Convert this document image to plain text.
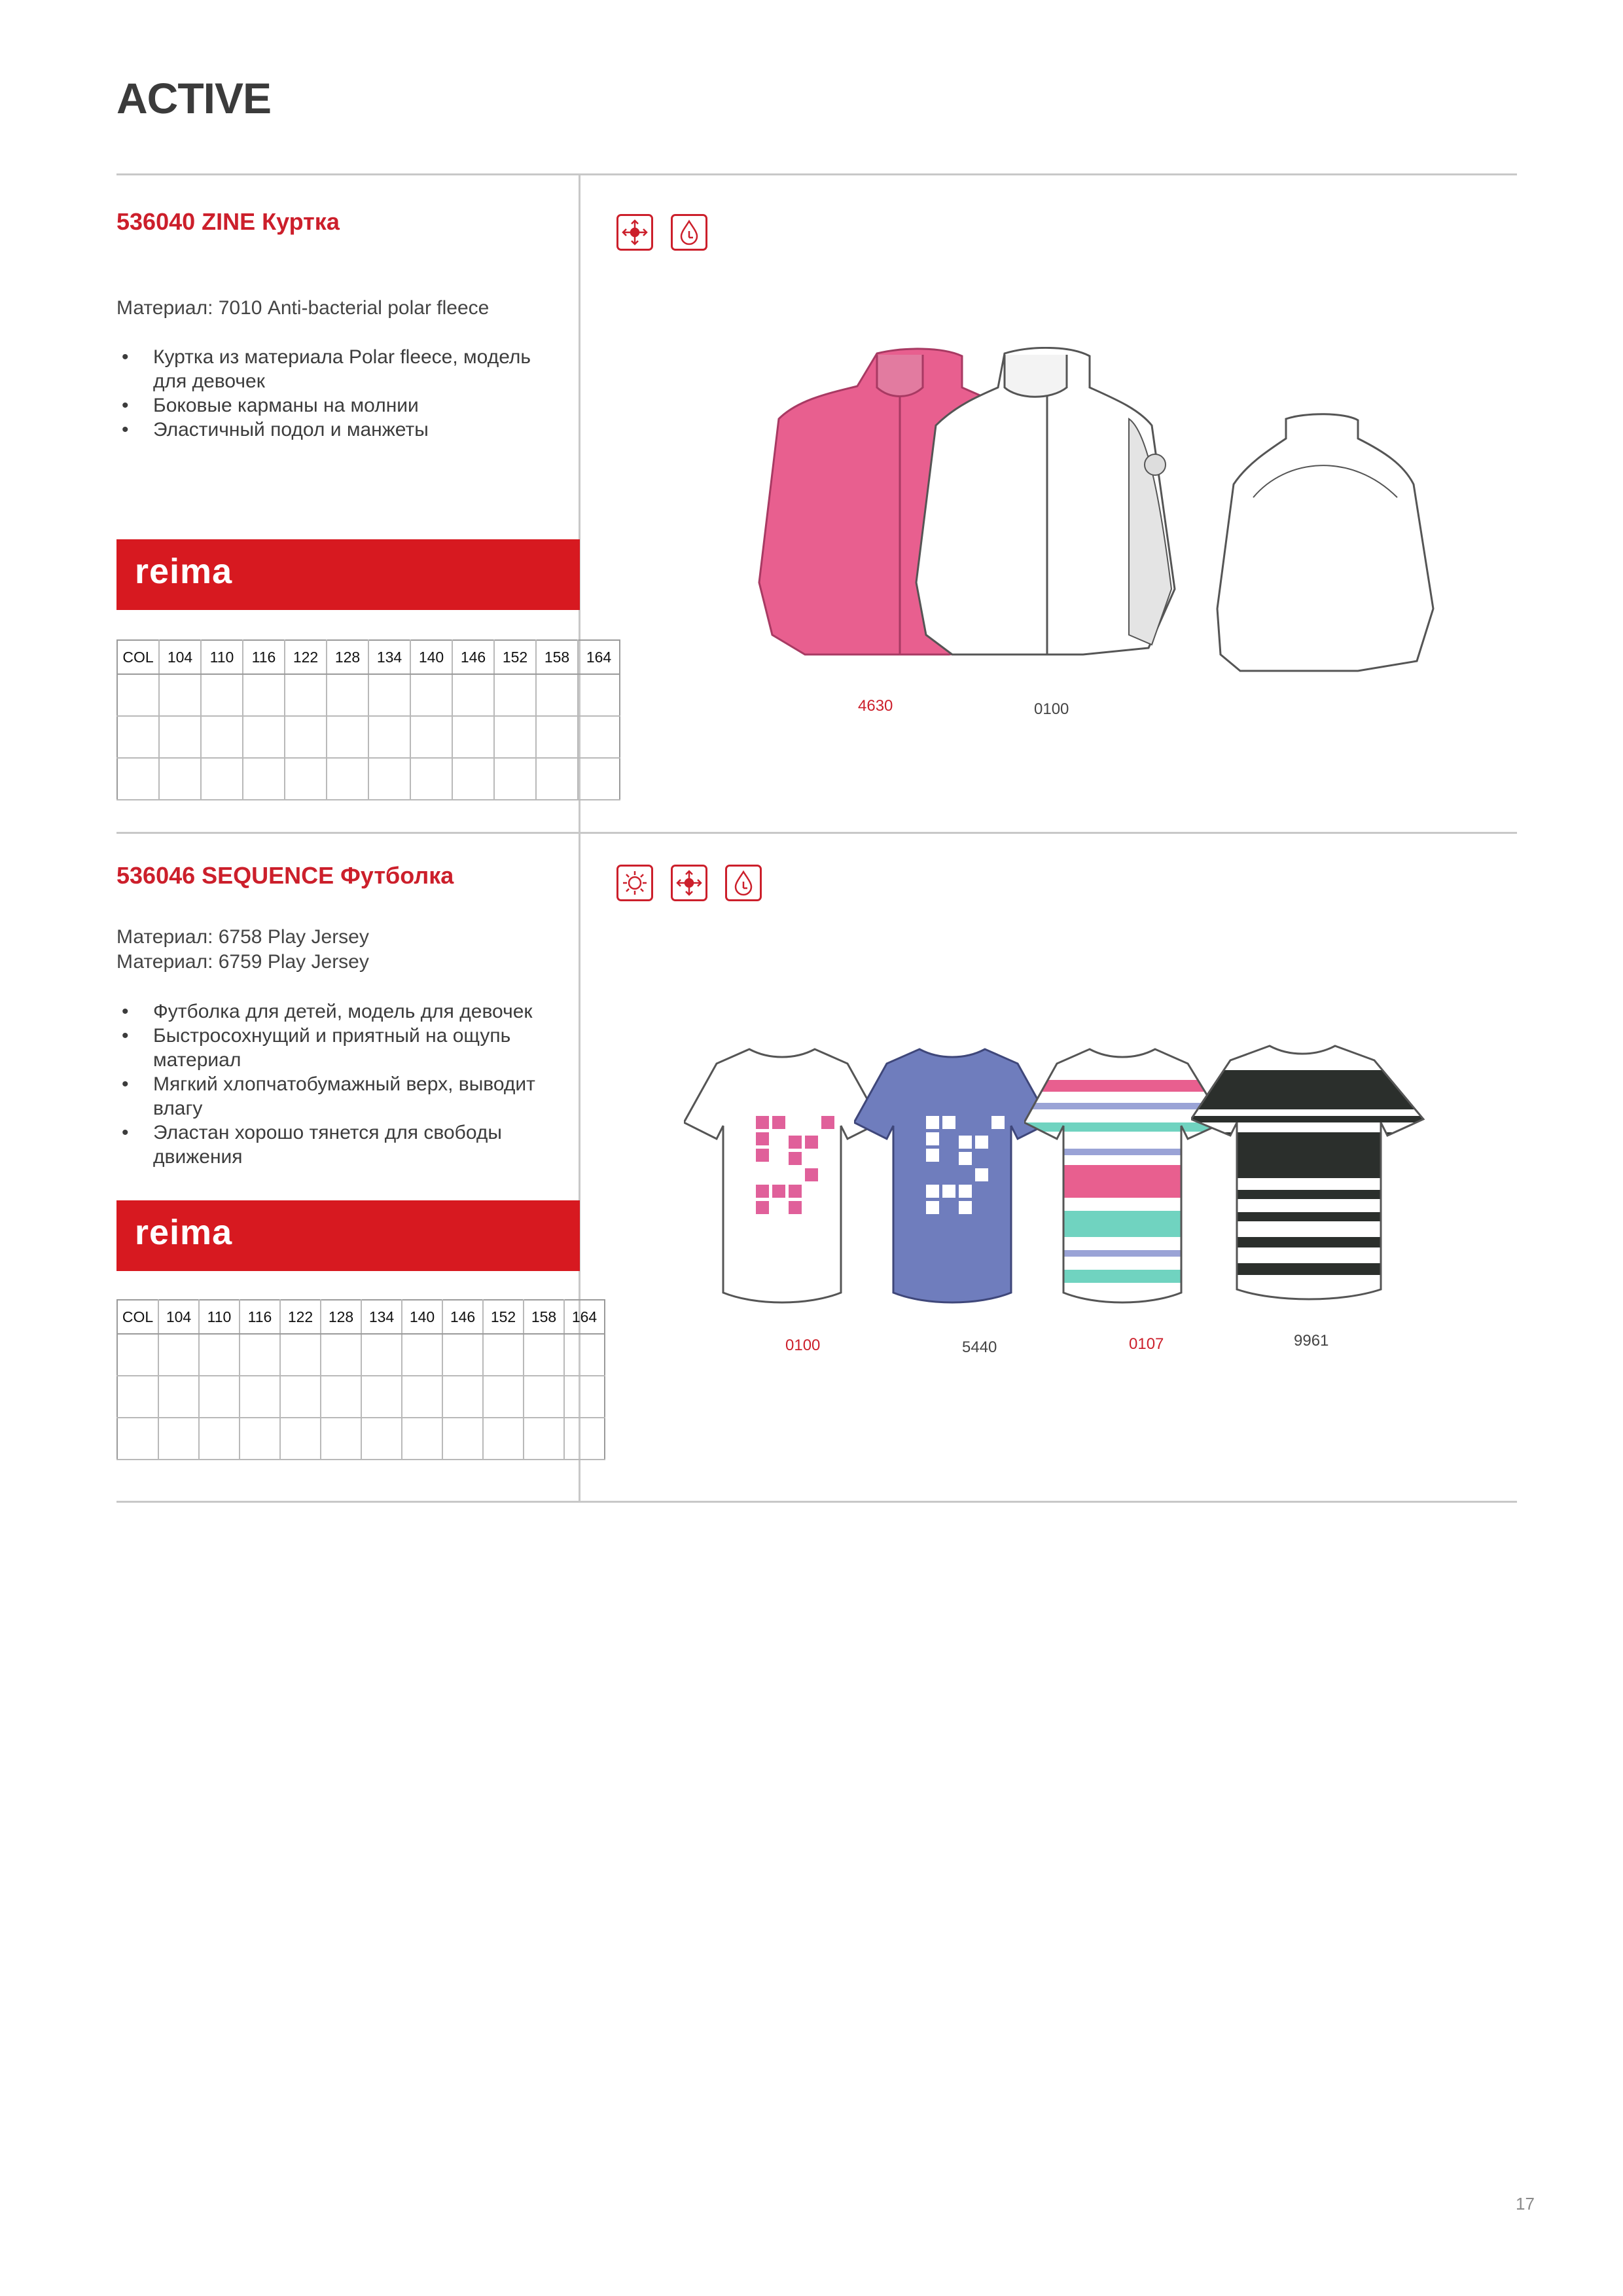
ACTIVE
536040 ZINE Куртка
Материал: 7010 Anti-bacterial polar fleece
• Куртка из материала Polar fleece, модель для девочек
• Боковые карманы на молнии
• Эластичный подол и манжеты
reima
COL	104	110	116	122	128	134	140	146	152	158	164

4630	0100
536046 SEQUENCE Футболка
Материал: 6758 Play Jersey
Материал: 6759 Play Jersey
• Футболка для детей, модель для девочек
• Быстросохнущий и приятный на ощупь материал
• Мягкий хлопчатобумажный верх, выводит влагу
• Эластан хорошо тянется для свободы движения
reima
COL	104	110	116	122	128	134	140	146	152	158	164

0100	5440	0107	9961
17
